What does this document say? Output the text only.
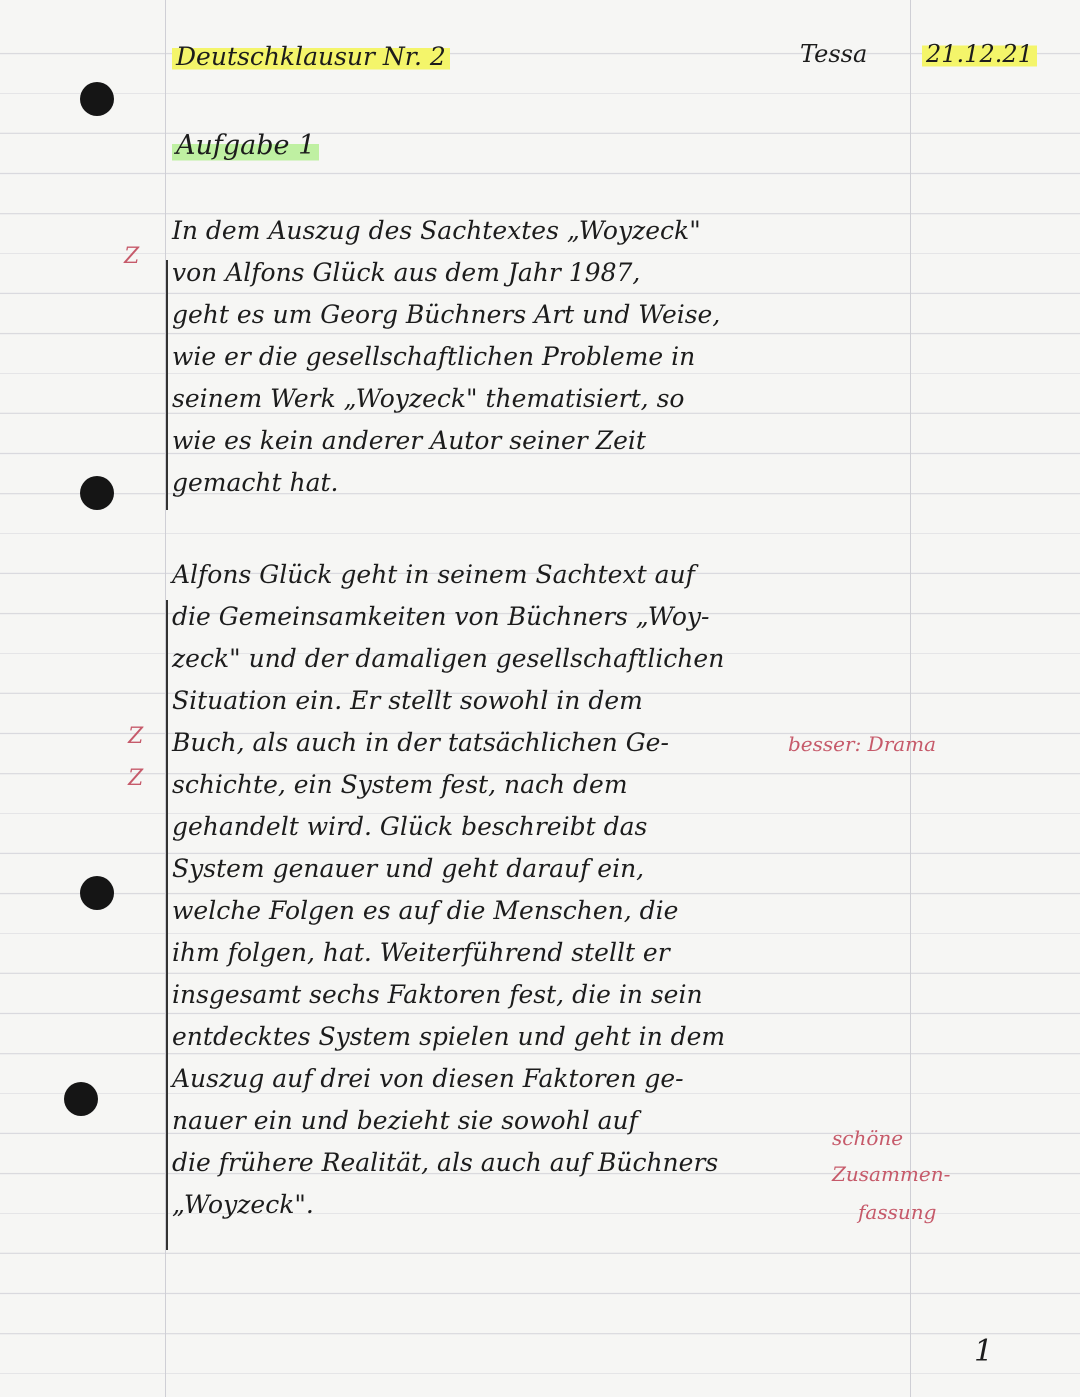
Deutschklausur Nr. 2	Tessa 21.12.21
Aufgabe 1
In dem Auszug des Sachtextes „Woyzeck"
von Alfons Glück aus dem Jahr 1987,
geht es um Georg Büchners Art und Weise,
wie er die gesellschaftlichen Probleme in
seinem Werk „Woyzeck" thematisiert, so
wie es kein anderer Autor seiner Zeit
gemacht hat.
Alfons Glück geht in seinem Sachtext auf
die Gemeinsamkeiten von Büchners „Woy-
zeck" und der damaligen gesellschaftlichen
Situation ein. Er stellt sowohl in dem
Buch, als auch in der tatsächlichen Ge-
schichte, ein System fest, nach dem
gehandelt wird. Glück beschreibt das
System genauer und geht darauf ein,
welche Folgen es auf die Menschen, die
ihm folgen, hat. Weiterführend stellt er
insgesamt sechs Faktoren fest, die in sein
entdecktes System spielen und geht in dem
Auszug auf drei von diesen Faktoren ge-
nauer ein und bezieht sie sowohl auf
die frühere Realität, als auch auf Büchners
„Woyzeck".
Z
Z
Z
besser: Drama
schöne
Zusammen-
fassung
1
